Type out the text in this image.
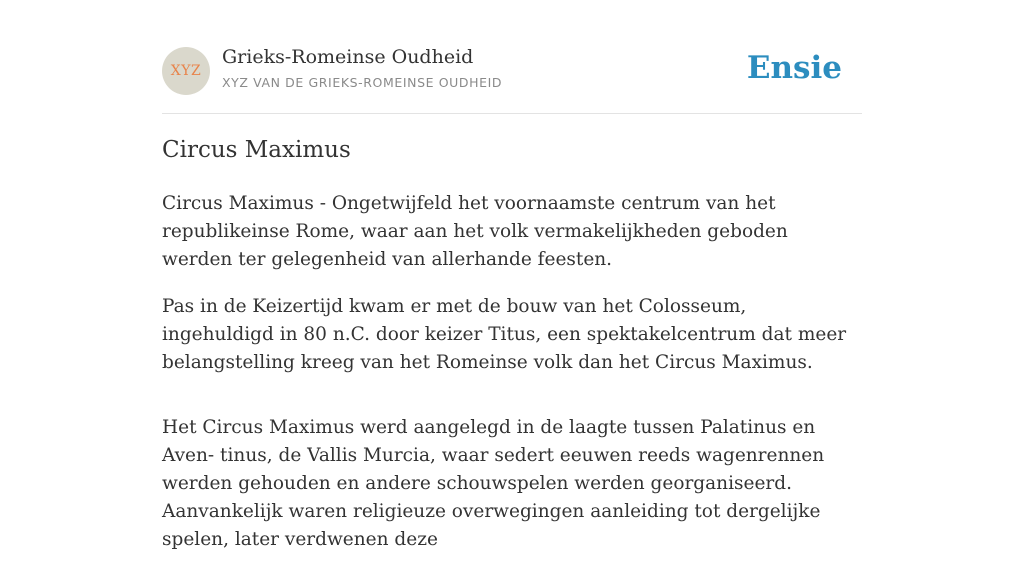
XYZ
Grieks-Romeinse Oudheid
XYZ VAN DE GRIEKS-ROMEINSE OUDHEID	Ensie
Circus Maximus

Circus Maximus - Ongetwijfeld het voornaamste centrum van het republikeinse Rome, waar aan het volk vermakelijkheden geboden werden ter gelegenheid van allerhande feesten.

Pas in de Keizertijd kwam er met de bouw van het Colosseum, ingehuldigd in 80 n.C. door keizer Titus, een spektakelcentrum dat meer belangstelling kreeg van het Romeinse volk dan het Circus Maximus.

Het Circus Maximus werd aangelegd in de laagte tussen Palatinus en Aven- tinus, de Vallis Murcia, waar sedert eeuwen reeds wagenrennen werden gehouden en andere schouwspelen werden georganiseerd. Aanvankelijk waren religieuze overwegingen aanleiding tot dergelijke spelen, later verdwenen deze
